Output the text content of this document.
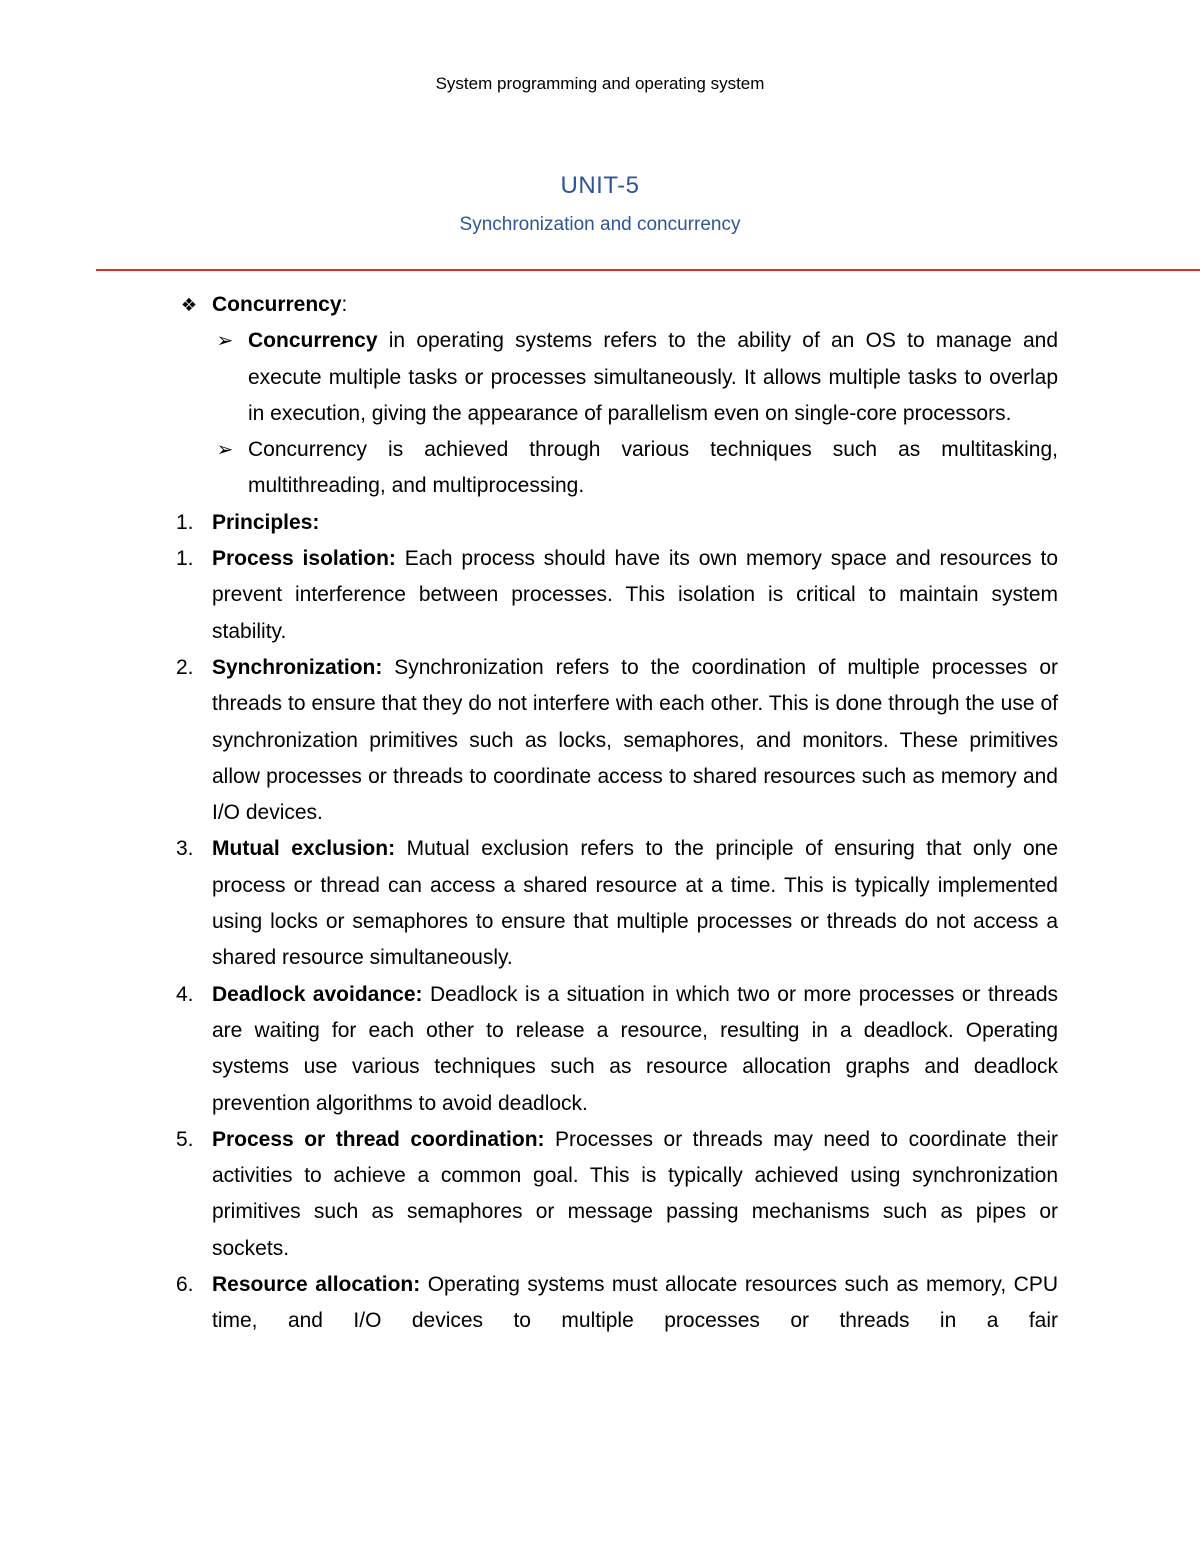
System programming and operating system
UNIT-5
Synchronization and concurrency
❖ Concurrency:
➢ Concurrency in operating systems refers to the ability of an OS to manage and execute multiple tasks or processes simultaneously. It allows multiple tasks to overlap in execution, giving the appearance of parallelism even on single-core processors.
➢ Concurrency is achieved through various techniques such as multitasking, multithreading, and multiprocessing.
1. Principles:
1. Process isolation: Each process should have its own memory space and resources to prevent interference between processes. This isolation is critical to maintain system stability.
2. Synchronization: Synchronization refers to the coordination of multiple processes or threads to ensure that they do not interfere with each other. This is done through the use of synchronization primitives such as locks, semaphores, and monitors. These primitives allow processes or threads to coordinate access to shared resources such as memory and I/O devices.
3. Mutual exclusion: Mutual exclusion refers to the principle of ensuring that only one process or thread can access a shared resource at a time. This is typically implemented using locks or semaphores to ensure that multiple processes or threads do not access a shared resource simultaneously.
4. Deadlock avoidance: Deadlock is a situation in which two or more processes or threads are waiting for each other to release a resource, resulting in a deadlock. Operating systems use various techniques such as resource allocation graphs and deadlock prevention algorithms to avoid deadlock.
5. Process or thread coordination: Processes or threads may need to coordinate their activities to achieve a common goal. This is typically achieved using synchronization primitives such as semaphores or message passing mechanisms such as pipes or sockets.
6. Resource allocation: Operating systems must allocate resources such as memory, CPU time, and I/O devices to multiple processes or threads in a fair
